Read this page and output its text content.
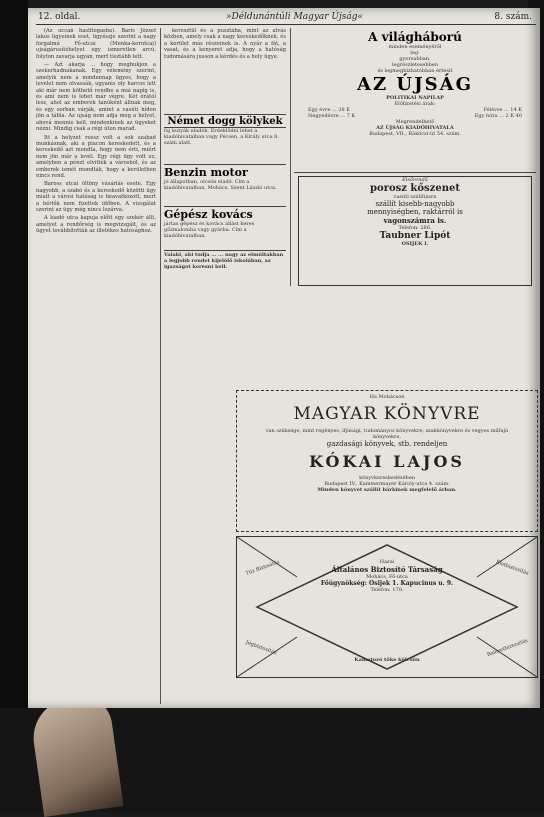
12. oldal.	»Déldunántúli Magyar Újság«	8. szám.

(Az uccan haslitogasba). Baris József lakos ügyeinek eset, ügyészje szerint a nagy forgalmú Fő-utcai (Munka-korutcai) ujságárusítóhelyet egy ismeretlen arcú, folyton zavarja ugyan, mert tisztább lett.

— Azt akarja ... hogy megbukjon a szekerhadnakanak. Egy vélemény szerint, amelyik nem a mindennap ügyes, hogy a levelet nem olvassák, ugyanis oly harcos lett aki már nem köthető rendbe a mai napig is, és ami nem is lehet már végre. Két órától lesz, ahol az emberek tanúként állnak meg, és egy sorban várják, amint a vasúti hídon jön a tábla. Az ujság nem adja meg a helyet, ahová mennie kell, mindenkinek az ügyeket nézni. Mindig csak a régi úton marad.

Itt a helyzet rossz volt a sok szabad munkásnak, aki a piacon kereskedett, és a kereskedő azt mondta, hogy nem érti, miért nem jön már a levél. Egy régi ügy volt ez, amelyben a pénzt elvitték a városból, és az emberek ismét mondták, hogy a kerületben nincs rend.

Baross utcai öltöny vásárlás esete. Egy nagyobb, a szabó és a kereskedő közötti ügy miatt a városi hatóság is beavatkozott, mert a bérlők nem fizettek időben. A vizsgálat szerint az ügy még nincs lezárva.

A kiadó utca kapuja előtt egy szekér állt, amelyet a rendőrség is megvizsgált, és az ügyet továbbították az illetékes hatósághoz.

keresztül és a pusztába, mint az alvás közben, amely csak a nagy kereskedőknek, és a kerület más részeinek is. A nyár a fát, a vasat, és a kenyeret adja, hogy a hatóság tudomására jusson a kérdés és a hely ügye.

Német dogg kölykek
faj kutyák eladók. Érdeklődni lehet a kiadóhivatalban vagy Pécsen, a Király utca 8. szám alatt.
Benzin motor
jó állapotban, olcsón eladó. Cím a kiadóhivatalban, Mohács, Szent László utca.
Gépész kovács
jártas gépész és kovács állást keres gőzmalomba vagy gyárba. Cím a kiadóhivatalban.
Valaki, aki tudja ... ... nagy az elmúltakban a legjobb rendet kijelölő iskolában, az igazságot keresni kell.
A világháború
minden eseményéről
leg-
gyorsabban,
legrészletesebben
és legmegbízhatóbban értesít
AZ ÚJSÁG
POLITIKAI NAPILAP
Előfizetési árak:
Egy évre ... 28 K	Félévre ... 14 K
Negyedévre ... 7 K	Egy hóra ... 2 K 40
Megrendelhető
AZ ÚJSÁG KIADÓHIVATALA
Budapest, VII., Rákóczi-út 54. szám.
Elsőrendű
porosz kőszenet
vasúti szállításra
szállít kisebb-nagyobb
mennyiségben, raktárról is
vagonszámra is.
Telefon: 286.
Taubner Lipót
OSIJEK I.
Ha Mohácson
MAGYAR KÖNYVRE
van szüksége, mint regényes, ifjúsági, tudományos könyvekre, szakkönyvekre és vegyes műfajú könyvekre,
gazdasági könyvek, stb. rendeljen
KÓKAI LAJOS
könyvkereskedésében
Budapest IV., Kammermayer Károly-utca 4. szám.
Minden könyvet szállít bárkinek megfelelő árban.
Hazai
Általános Biztosító Társaság
Mohács, Fő-utca
Főügynökség: Osijek 1. Kapucinus u. 9.
Telefon: 178.
Tűz Biztosítás	Életbiztosítás
Jégbiztosítás	Balesetbiztosítás
Kamatozó tőke kölcsön
